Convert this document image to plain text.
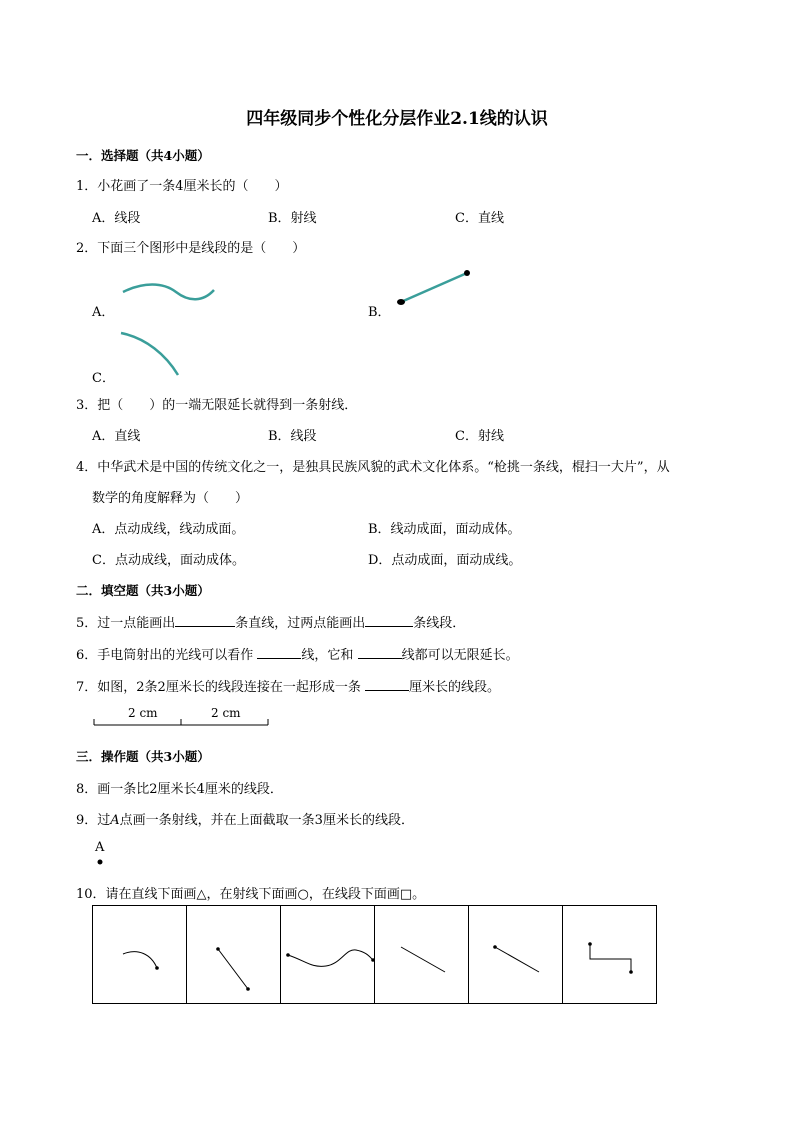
四年级同步个性化分层作业2.1线的认识
一．选择题（共4小题）
1．小花画了一条4厘米长的（　　）
A．线段	B．射线	C．直线
2．下面三个图形中是线段的是（　　）
A．	B．
C．
3．把（　　）的一端无限延长就得到一条射线．
A．直线	B．线段	C．射线
4．中华武术是中国的传统文化之一，是独具民族风貌的武术文化体系。“枪挑一条线，棍扫一大片”，从
数学的角度解释为（　　）
A．点动成线，线动成面。	B．线动成面，面动成体。
C．点动成线，面动成体。	D．点动成面，面动成线。
二．填空题（共3小题）
5．过一点能画出	条直线，过两点能画出	条线段．
6．手电筒射出的光线可以看作	线，它和	线都可以无限延长。
7．如图，2条2厘米长的线段连接在一起形成一条	厘米长的线段。
2 cm	2 cm
三．操作题（共3小题）
8．画一条比2厘米长4厘米的线段．
9．过A点画一条射线，并在上面截取一条3厘米长的线段．
A
10．请在直线下面画△，在射线下面画○，在线段下面画□。
